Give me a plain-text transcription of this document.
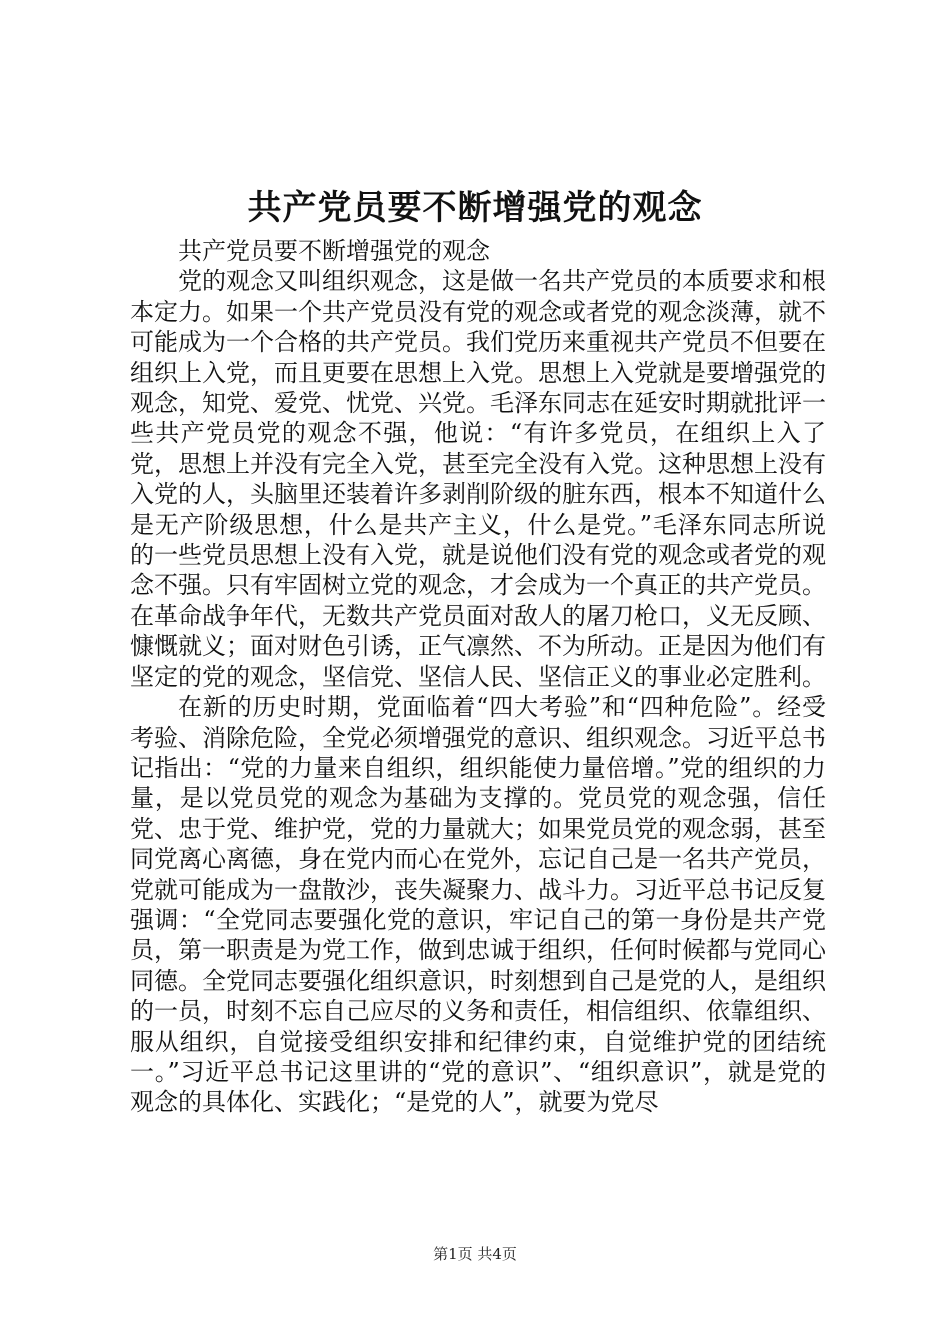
共产党员要不断增强党的观念

共产党员要不断增强党的观念

党的观念又叫组织观念，这是做一名共产党员的本质要求和根本定力。如果一个共产党员没有党的观念或者党的观念淡薄，就不可能成为一个合格的共产党员。我们党历来重视共产党员不但要在组织上入党，而且更要在思想上入党。思想上入党就是要增强党的观念，知党、爱党、忧党、兴党。毛泽东同志在延安时期就批评一些共产党员党的观念不强，他说：“有许多党员，在组织上入了党，思想上并没有完全入党，甚至完全没有入党。这种思想上没有入党的人，头脑里还装着许多剥削阶级的脏东西，根本不知道什么是无产阶级思想，什么是共产主义，什么是党。”毛泽东同志所说的一些党员思想上没有入党，就是说他们没有党的观念或者党的观念不强。只有牢固树立党的观念，才会成为一个真正的共产党员。在革命战争年代，无数共产党员面对敌人的屠刀枪口，义无反顾、慷慨就义；面对财色引诱，正气凛然、不为所动。正是因为他们有坚定的党的观念，坚信党、坚信人民、坚信正义的事业必定胜利。

在新的历史时期，党面临着“四大考验”和“四种危险”。经受考验、消除危险，全党必须增强党的意识、组织观念。习近平总书记指出：“党的力量来自组织，组织能使力量倍增。”党的组织的力量，是以党员党的观念为基础为支撑的。党员党的观念强，信任党、忠于党、维护党，党的力量就大；如果党员党的观念弱，甚至同党离心离德，身在党内而心在党外，忘记自己是一名共产党员，党就可能成为一盘散沙，丧失凝聚力、战斗力。习近平总书记反复强调：“全党同志要强化党的意识，牢记自己的第一身份是共产党员，第一职责是为党工作，做到忠诚于组织，任何时候都与党同心同德。全党同志要强化组织意识，时刻想到自己是党的人，是组织的一员，时刻不忘自己应尽的义务和责任，相信组织、依靠组织、服从组织，自觉接受组织安排和纪律约束，自觉维护党的团结统一。”习近平总书记这里讲的“党的意识”、“组织意识”，就是党的观念的具体化、实践化；“是党的人”，就要为党尽

第1页 共4页
